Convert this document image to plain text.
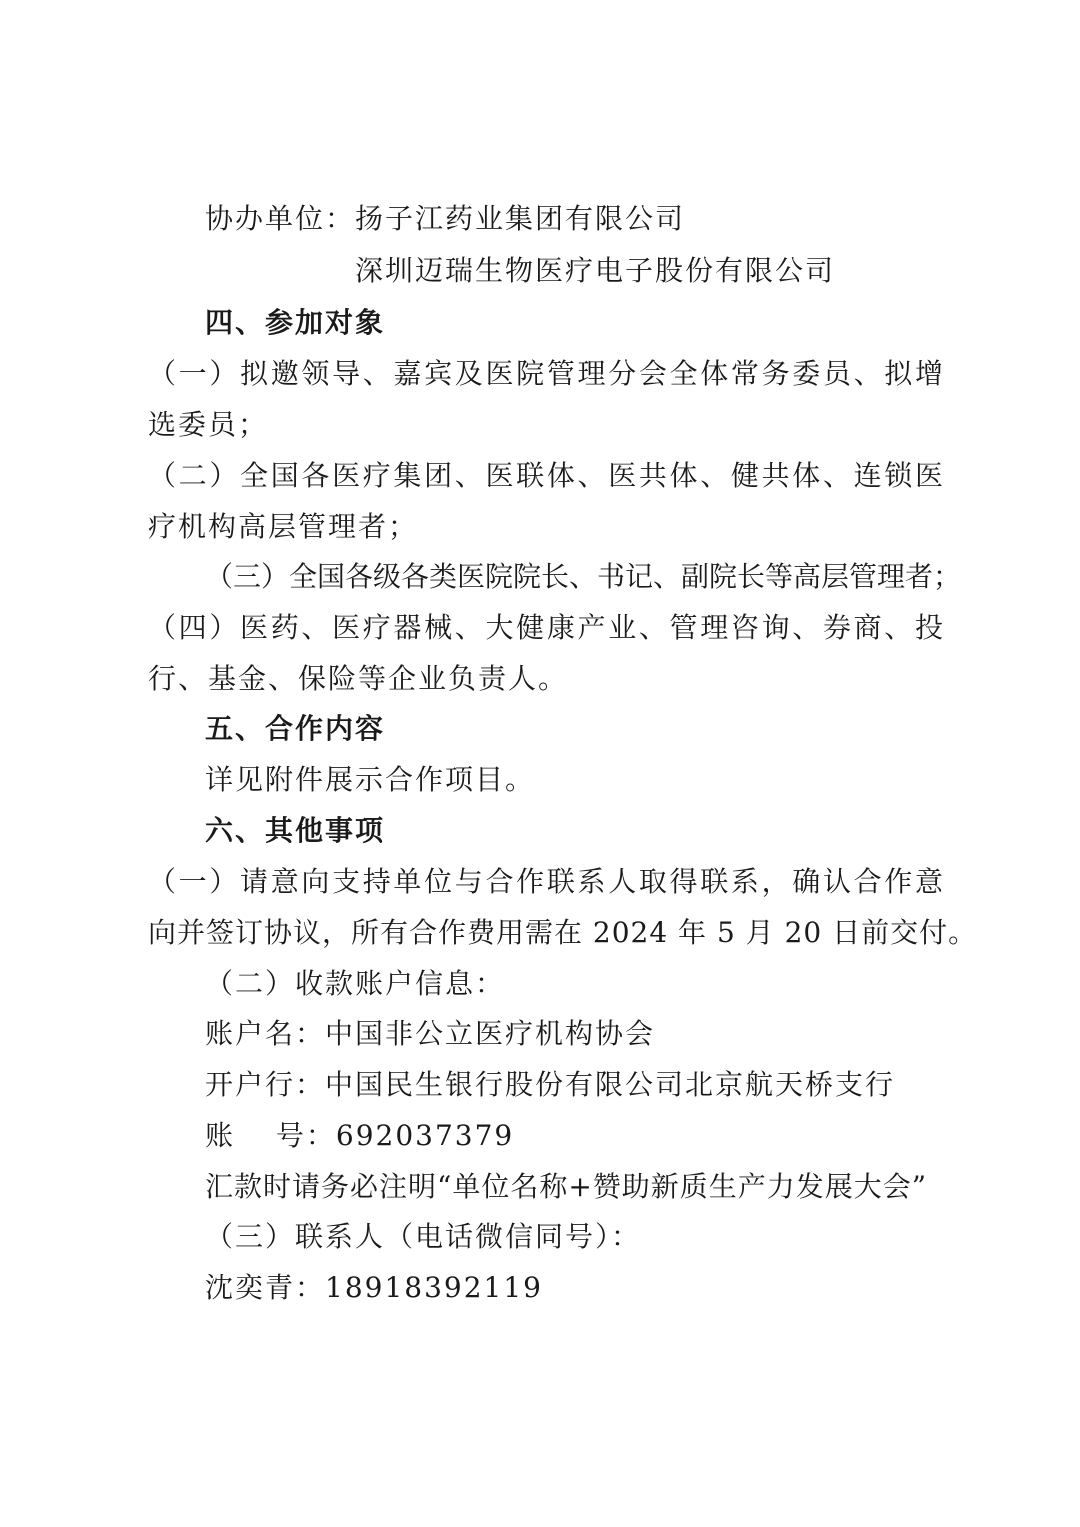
协办单位：扬子江药业集团有限公司
深圳迈瑞生物医疗电子股份有限公司
四、参加对象
（一）拟邀领导、嘉宾及医院管理分会全体常务委员、拟增
选委员；
（二）全国各医疗集团、医联体、医共体、健共体、连锁医
疗机构高层管理者；
（三）全国各级各类医院院长、书记、副院长等高层管理者；
（四）医药、医疗器械、大健康产业、管理咨询、券商、投
行、基金、保险等企业负责人。
五、合作内容
详见附件展示合作项目。
六、其他事项
（一）请意向支持单位与合作联系人取得联系，确认合作意
向并签订协议，所有合作费用需在 2024 年 5 月 20 日前交付。
（二）收款账户信息：
账户名：中国非公立医疗机构协会
开户行：中国民生银行股份有限公司北京航天桥支行
账　 号：692037379
汇款时请务必注明“单位名称+赞助新质生产力发展大会”
（三）联系人（电话微信同号）：
沈奕青：18918392119
